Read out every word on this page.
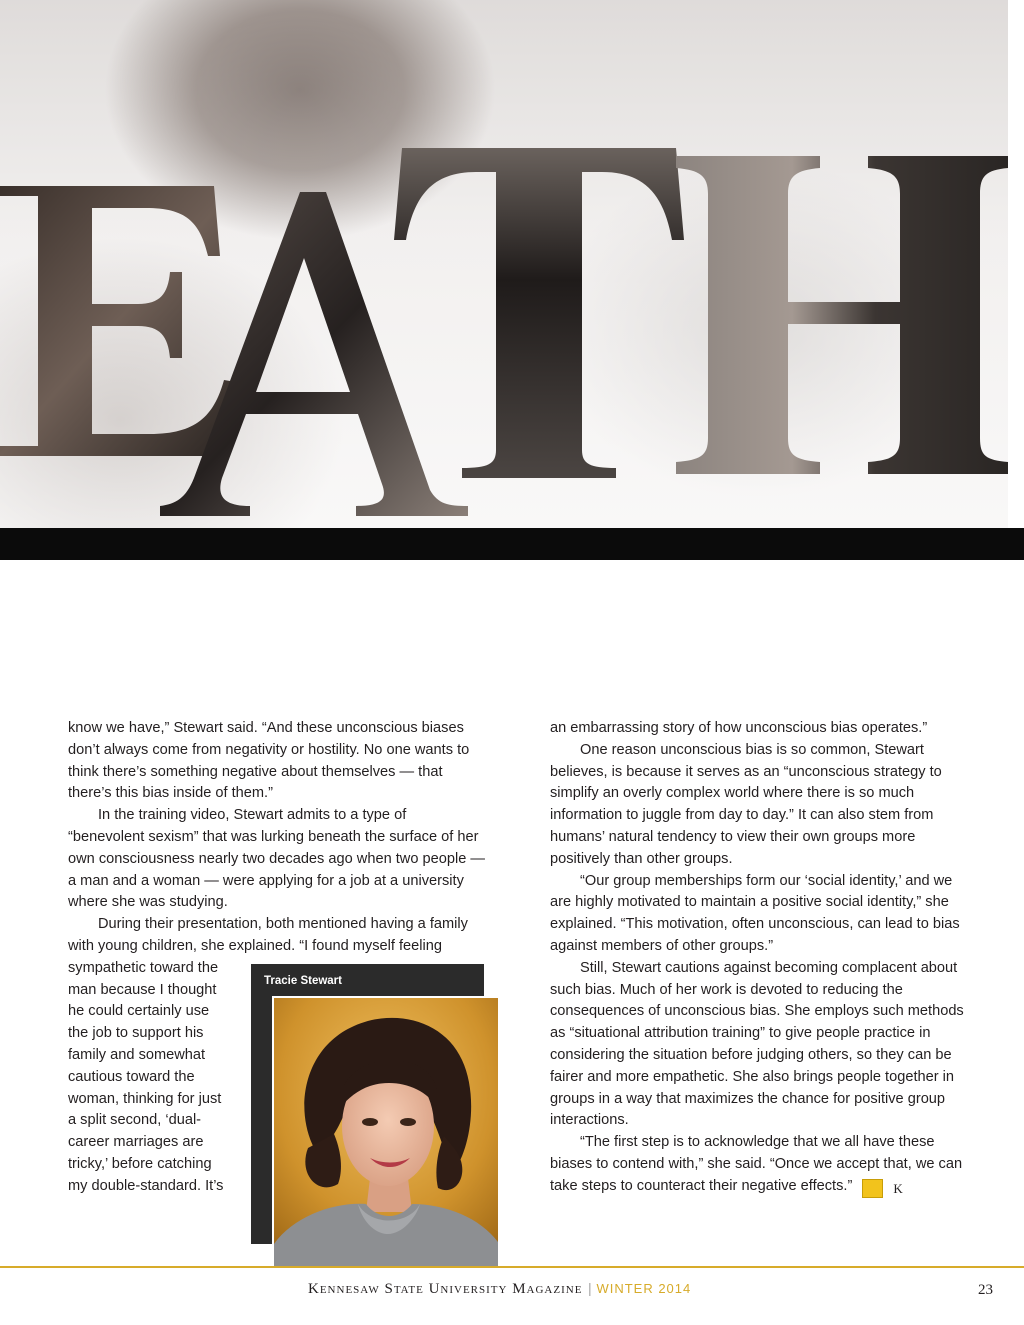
know we have,” Stewart said. “And these unconscious biases don’t always come from negativity or hostility. No one wants to think there’s something negative about themselves — that there’s this bias inside of them.”

In the training video, Stewart admits to a type of “benevolent sexism” that was lurking beneath the surface of her own consciousness nearly two decades ago when two people — a man and a woman — were applying for a job at a university where she was studying.

During their presentation, both mentioned having a family with young children, she explained. “I found myself feeling

sympathetic toward the
man because I thought
he could certainly use
the job to support his
family and somewhat
cautious toward the
woman, thinking for just
a split second, ‘dual-
career marriages are
tricky,’ before catching
my double-standard. It’s
Tracie Stewart

an embarrassing story of how unconscious bias operates.”

One reason unconscious bias is so common, Stewart believes, is because it serves as an “unconscious strategy to simplify an overly complex world where there is so much information to juggle from day to day.” It can also stem from humans’ natural tendency to view their own groups more positively than other groups.

“Our group memberships form our ‘social identity,’ and we are highly motivated to maintain a positive social identity,” she explained. “This motivation, often unconscious, can lead to bias against members of other groups.”

Still, Stewart cautions against becoming complacent about such bias. Much of her work is devoted to reducing the consequences of unconscious bias. She employs such methods as “situational attribution training” to give people practice in considering the situation before judging others, so they can be fairer and more empathetic. She also brings people together in groups in a way that maximizes the chance for positive group interactions.

“The first step is to acknowledge that we all have these biases to contend with,” she said. “Once we accept that, we can take steps to counteract their negative effects.”	K

Kennesaw State University Magazine | WINTER 2014	23
